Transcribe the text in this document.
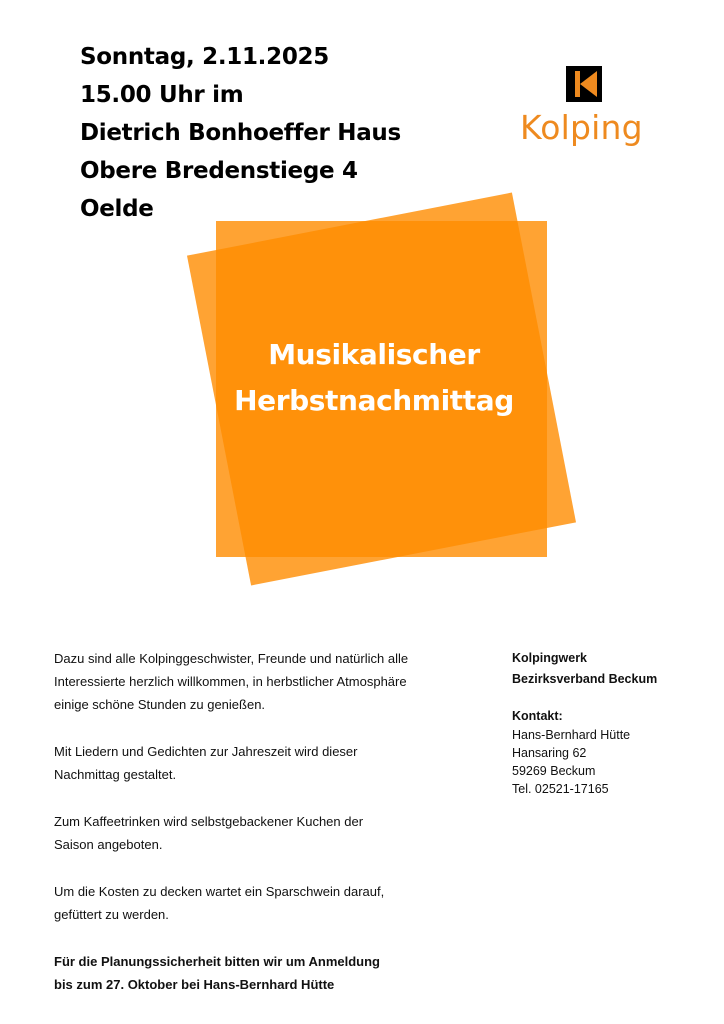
Sonntag, 2.11.2025
15.00 Uhr im
Dietrich Bonhoeffer Haus
Obere Bredenstiege 4
Oelde
Kolping
Musikalischer
Herbstnachmittag

Dazu sind alle Kolpinggeschwister, Freunde und natürlich alle
Interessierte herzlich willkommen, in herbstlicher Atmosphäre
einige schöne Stunden zu genießen.

Mit Liedern und Gedichten zur Jahreszeit wird dieser
Nachmittag gestaltet.

Zum Kaffeetrinken wird selbstgebackener Kuchen der
Saison angeboten.

Um die Kosten zu decken wartet ein Sparschwein darauf,
gefüttert zu werden.

Für die Planungssicherheit bitten wir um Anmeldung
bis zum 27. Oktober bei Hans-Bernhard Hütte

Kolpingwerk
Bezirksverband Beckum
Kontakt:
Hans-Bernhard Hütte
Hansaring 62
59269 Beckum
Tel. 02521-17165
